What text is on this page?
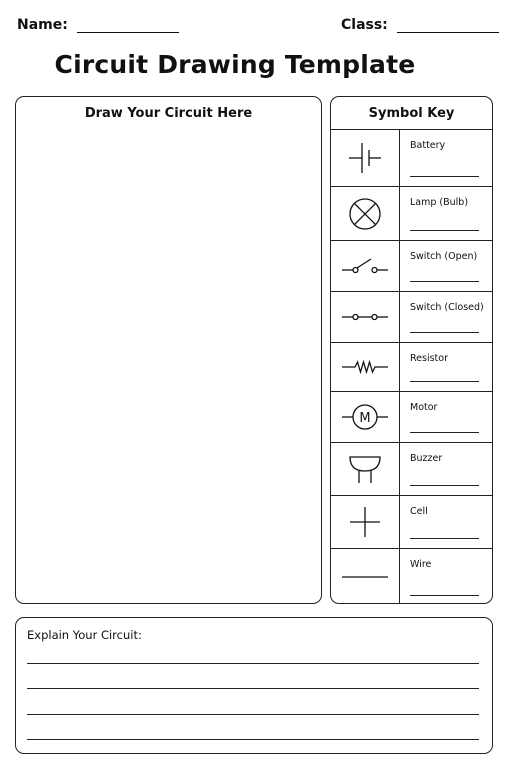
Name:	Class:
Circuit Drawing Template
Draw Your Circuit Here	Symbol Key
Battery
Lamp (Bulb)
Switch (Open)
Switch (Closed)
Resistor
M
Motor
Buzzer
Cell
Wire
Explain Your Circuit:
